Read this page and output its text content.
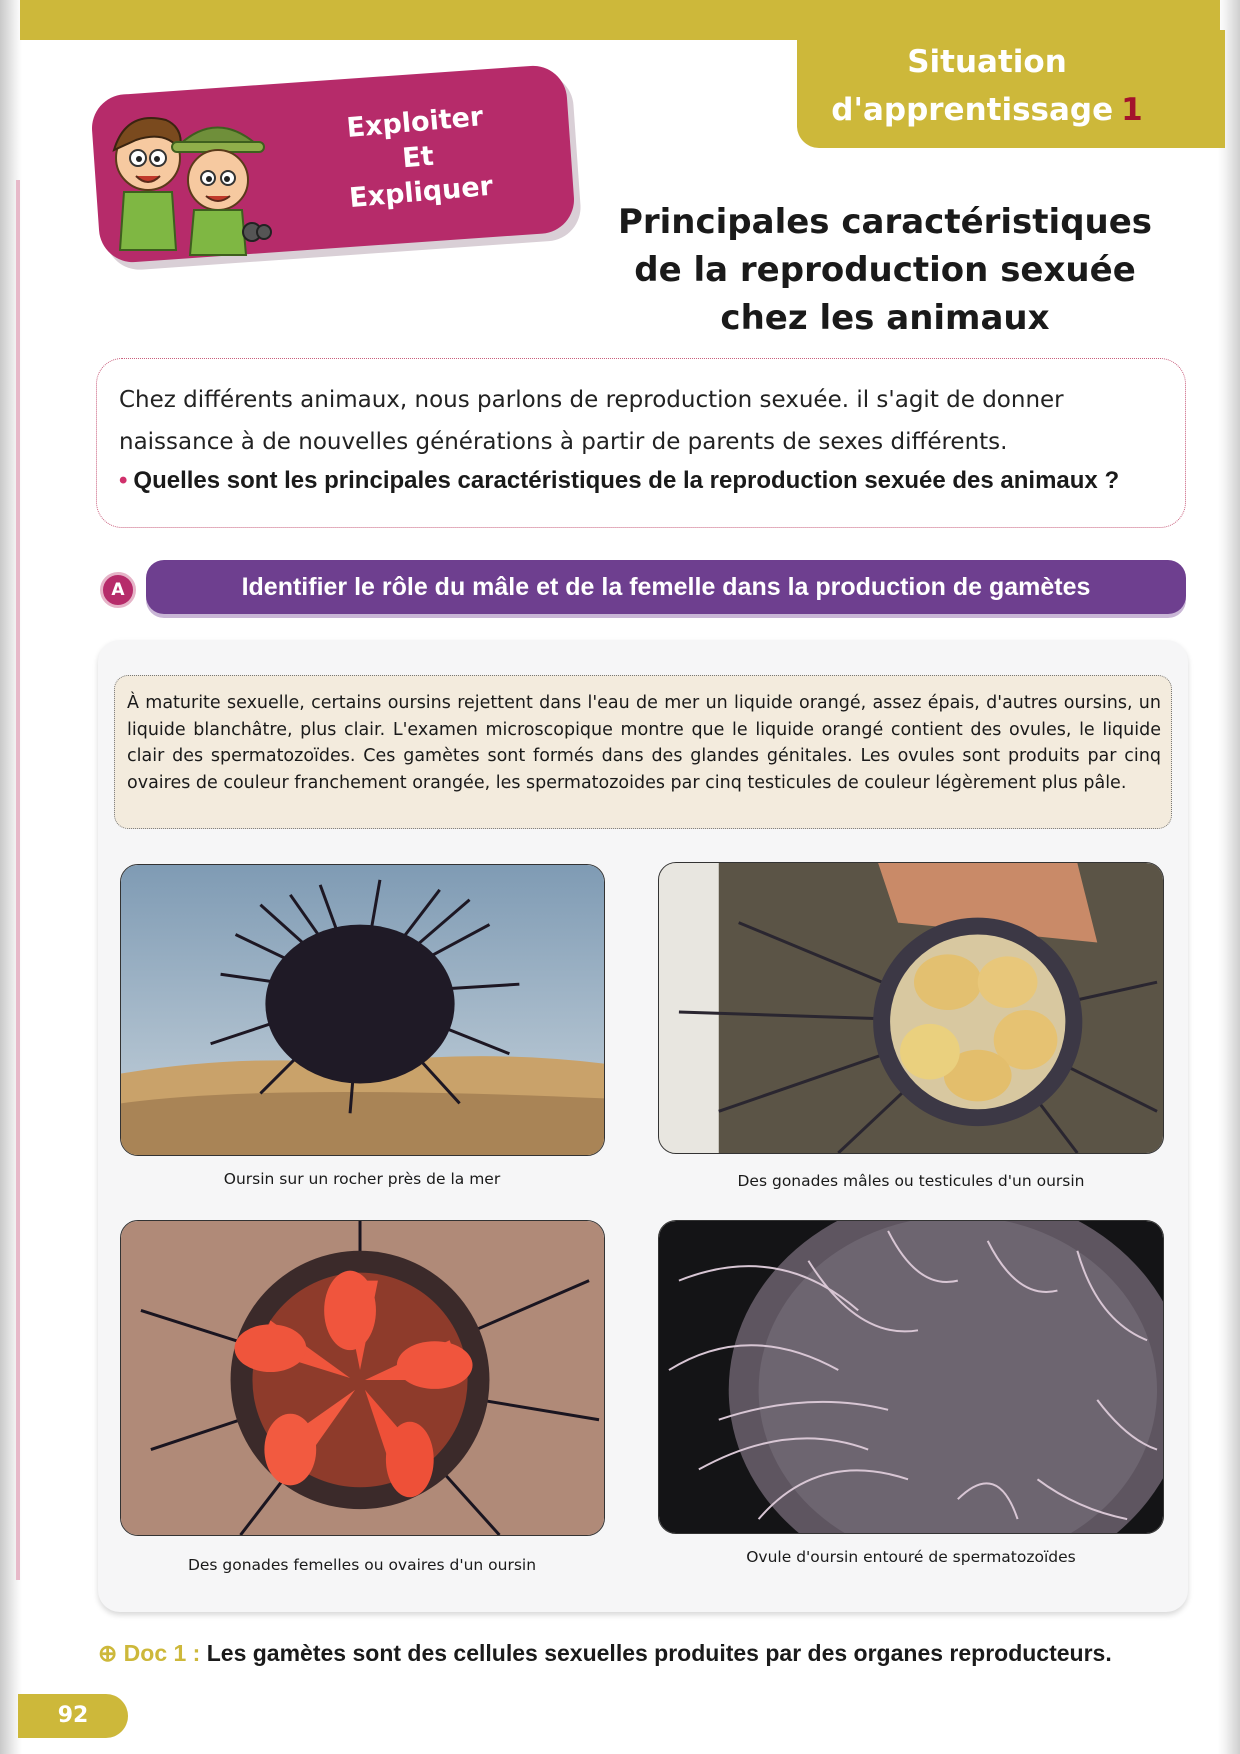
Situation
d'apprentissage 1
Exploiter
Et
Expliquer
Principales caractéristiques
de la reproduction sexuée
chez les animaux
Chez différents animaux, nous parlons de reproduction sexuée. il s'agit de donner naissance à de nouvelles générations à partir de parents de sexes différents.
• Quelles sont les principales caractéristiques de la reproduction sexuée des animaux ?
A	Identifier le rôle du mâle et de la femelle dans la production de gamètes
À maturite sexuelle, certains oursins rejettent dans l'eau de mer un liquide orangé, assez épais, d'autres oursins, un liquide blanchâtre, plus clair. L'examen microscopique montre que le liquide orangé contient des ovules, le liquide clair des spermatozoïdes. Ces gamètes sont formés dans des glandes génitales. Les ovules sont produits par cinq ovaires de couleur franchement orangée, les spermatozoides par cinq testicules de couleur légèrement plus pâle.
Oursin sur un rocher près de la mer	Des gonades mâles ou testicules d'un oursin
Des gonades femelles ou ovaires d'un oursin	Ovule d'oursin entouré de spermatozoïdes
⊕ Doc 1 : Les gamètes sont des cellules sexuelles produites par des organes reproducteurs.
92
